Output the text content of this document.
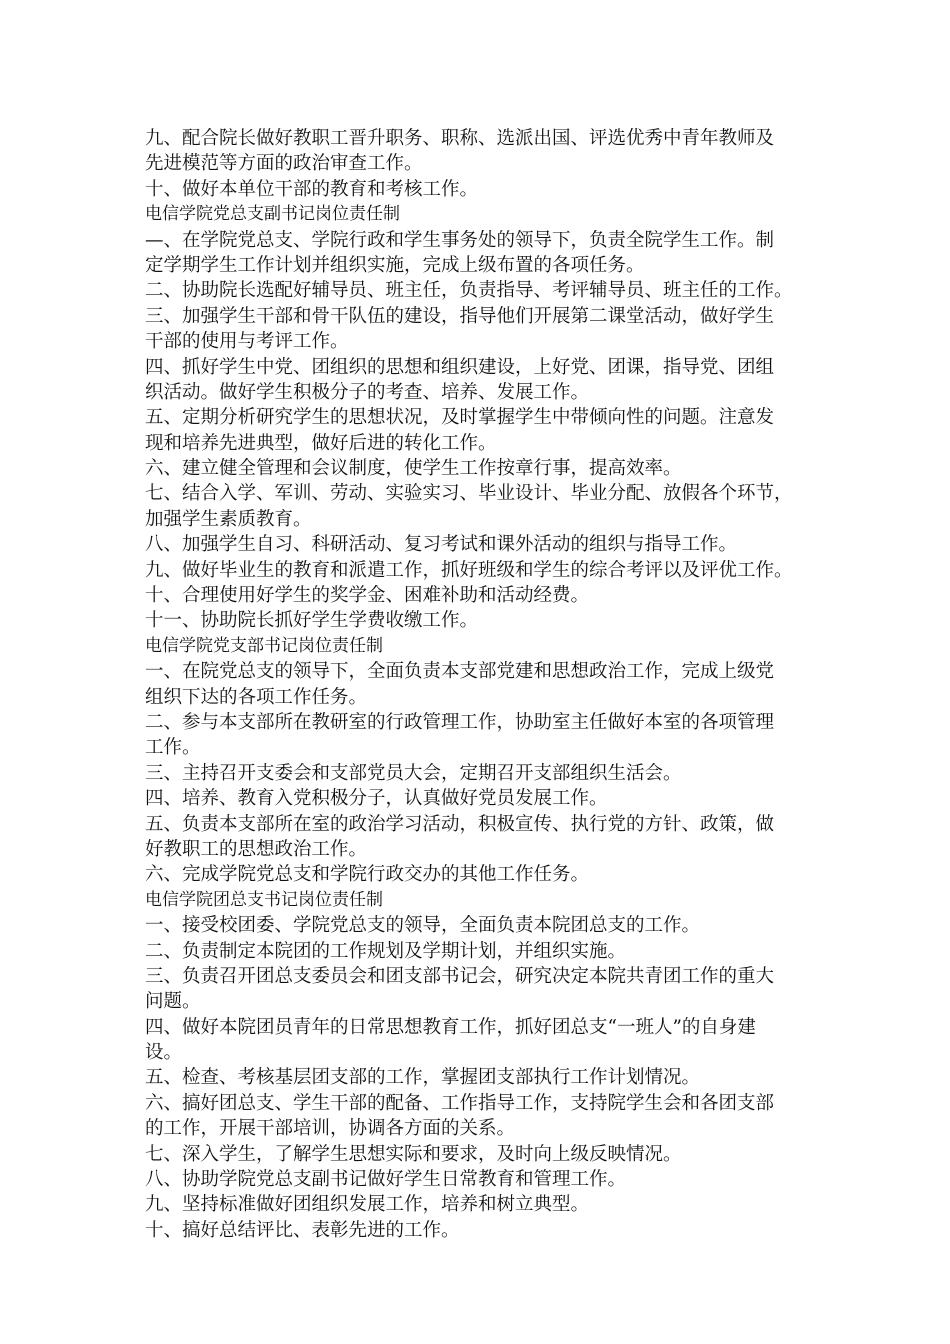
九、配合院长做好教职工晋升职务、职称、选派出国、评选优秀中青年教师及
先进模范等方面的政治审查工作。
十、做好本单位干部的教育和考核工作。
电信学院党总支副书记岗位责任制
—、在学院党总支、学院行政和学生事务处的领导下，负责全院学生工作。制
定学期学生工作计划并组织实施，完成上级布置的各项任务。
二、协助院长选配好辅导员、班主任，负责指导、考评辅导员、班主任的工作。
三、加强学生干部和骨干队伍的建设，指导他们开展第二课堂活动，做好学生
干部的使用与考评工作。
四、抓好学生中党、团组织的思想和组织建设，上好党、团课，指导党、团组
织活动。做好学生积极分子的考查、培养、发展工作。
五、定期分析研究学生的思想状况，及时掌握学生中带倾向性的问题。注意发
现和培养先进典型，做好后进的转化工作。
六、建立健全管理和会议制度，使学生工作按章行事，提高效率。
七、结合入学、军训、劳动、实验实习、毕业设计、毕业分配、放假各个环节，
加强学生素质教育。
八、加强学生自习、科研活动、复习考试和课外活动的组织与指导工作。
九、做好毕业生的教育和派遣工作，抓好班级和学生的综合考评以及评优工作。
十、合理使用好学生的奖学金、困难补助和活动经费。
十一、协助院长抓好学生学费收缴工作。
电信学院党支部书记岗位责任制
一、在院党总支的领导下，全面负责本支部党建和思想政治工作，完成上级党
组织下达的各项工作任务。
二、参与本支部所在教研室的行政管理工作，协助室主任做好本室的各项管理
工作。
三、主持召开支委会和支部党员大会，定期召开支部组织生活会。
四、培养、教育入党积极分子，认真做好党员发展工作。
五、负责本支部所在室的政治学习活动，积极宣传、执行党的方针、政策，做
好教职工的思想政治工作。
六、完成学院党总支和学院行政交办的其他工作任务。
电信学院团总支书记岗位责任制
一、接受校团委、学院党总支的领导，全面负责本院团总支的工作。
二、负责制定本院团的工作规划及学期计划，并组织实施。
三、负责召开团总支委员会和团支部书记会，研究决定本院共青团工作的重大
问题。
四、做好本院团员青年的日常思想教育工作，抓好团总支“一班人”的自身建
设。
五、检查、考核基层团支部的工作，掌握团支部执行工作计划情况。
六、搞好团总支、学生干部的配备、工作指导工作，支持院学生会和各团支部
的工作，开展干部培训，协调各方面的关系。
七、深入学生，了解学生思想实际和要求，及时向上级反映情况。
八、协助学院党总支副书记做好学生日常教育和管理工作。
九、坚持标准做好团组织发展工作，培养和树立典型。
十、搞好总结评比、表彰先进的工作。
